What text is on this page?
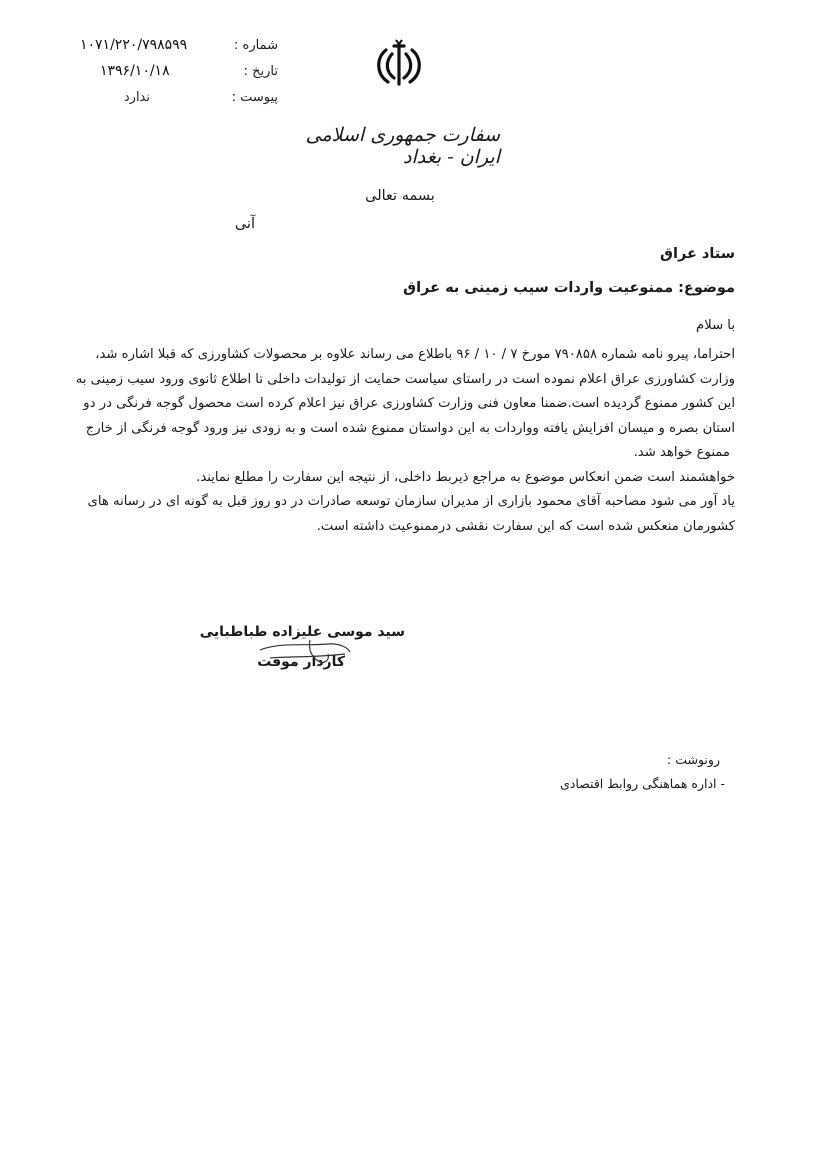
شماره :
۱۰۷۱/۲۲۰/۷۹۸۵۹۹
تاریخ :
۱۳۹۶/۱۰/۱۸
پیوست :
ندارد
سفارت جمهوری اسلامی ایران - بغداد
بسمه تعالی
آنی
ستاد عراق
موضوع: ممنوعیت واردات سیب زمینی به عراق
با سلام

احتراما، پیرو نامه شماره ۷۹۰۸۵۸ مورخ ۷ / ۱۰ / ۹۶ باطلاع می رساند علاوه بر محصولات کشاورزی که قبلا اشاره شد،

وزارت کشاورزی عراق اعلام نموده است در راستای سیاست حمایت از تولیدات داخلی تا اطلاع ثانوی ورود سیب زمینی به

این کشور ممنوع گردیده است.ضمنا معاون فنی وزارت کشاورزی عراق نیز اعلام کرده است محصول گوجه فرنگی در دو

استان بصره و میسان افزایش یافته وواردات به این دواستان ممنوع شده است و به زودی نیز ورود گوجه فرنگی از خارج

ممنوع خواهد شد.

خواهشمند است ضمن انعکاس موضوع به مراجع ذیربط داخلی، از نتیجه این سفارت را مطلع نمایند.

یاد آور می شود مصاحبه آقای محمود بازاری از مدیران سازمان توسعه صادرات در دو روز قبل به گونه ای در رسانه های

کشورمان منعکس شده است که این سفارت نقشی درممنوعیت داشته است.

سید موسی علیزاده طباطبایی
کاردار موقت
رونوشت :
- اداره هماهنگی روابط اقتصادی
